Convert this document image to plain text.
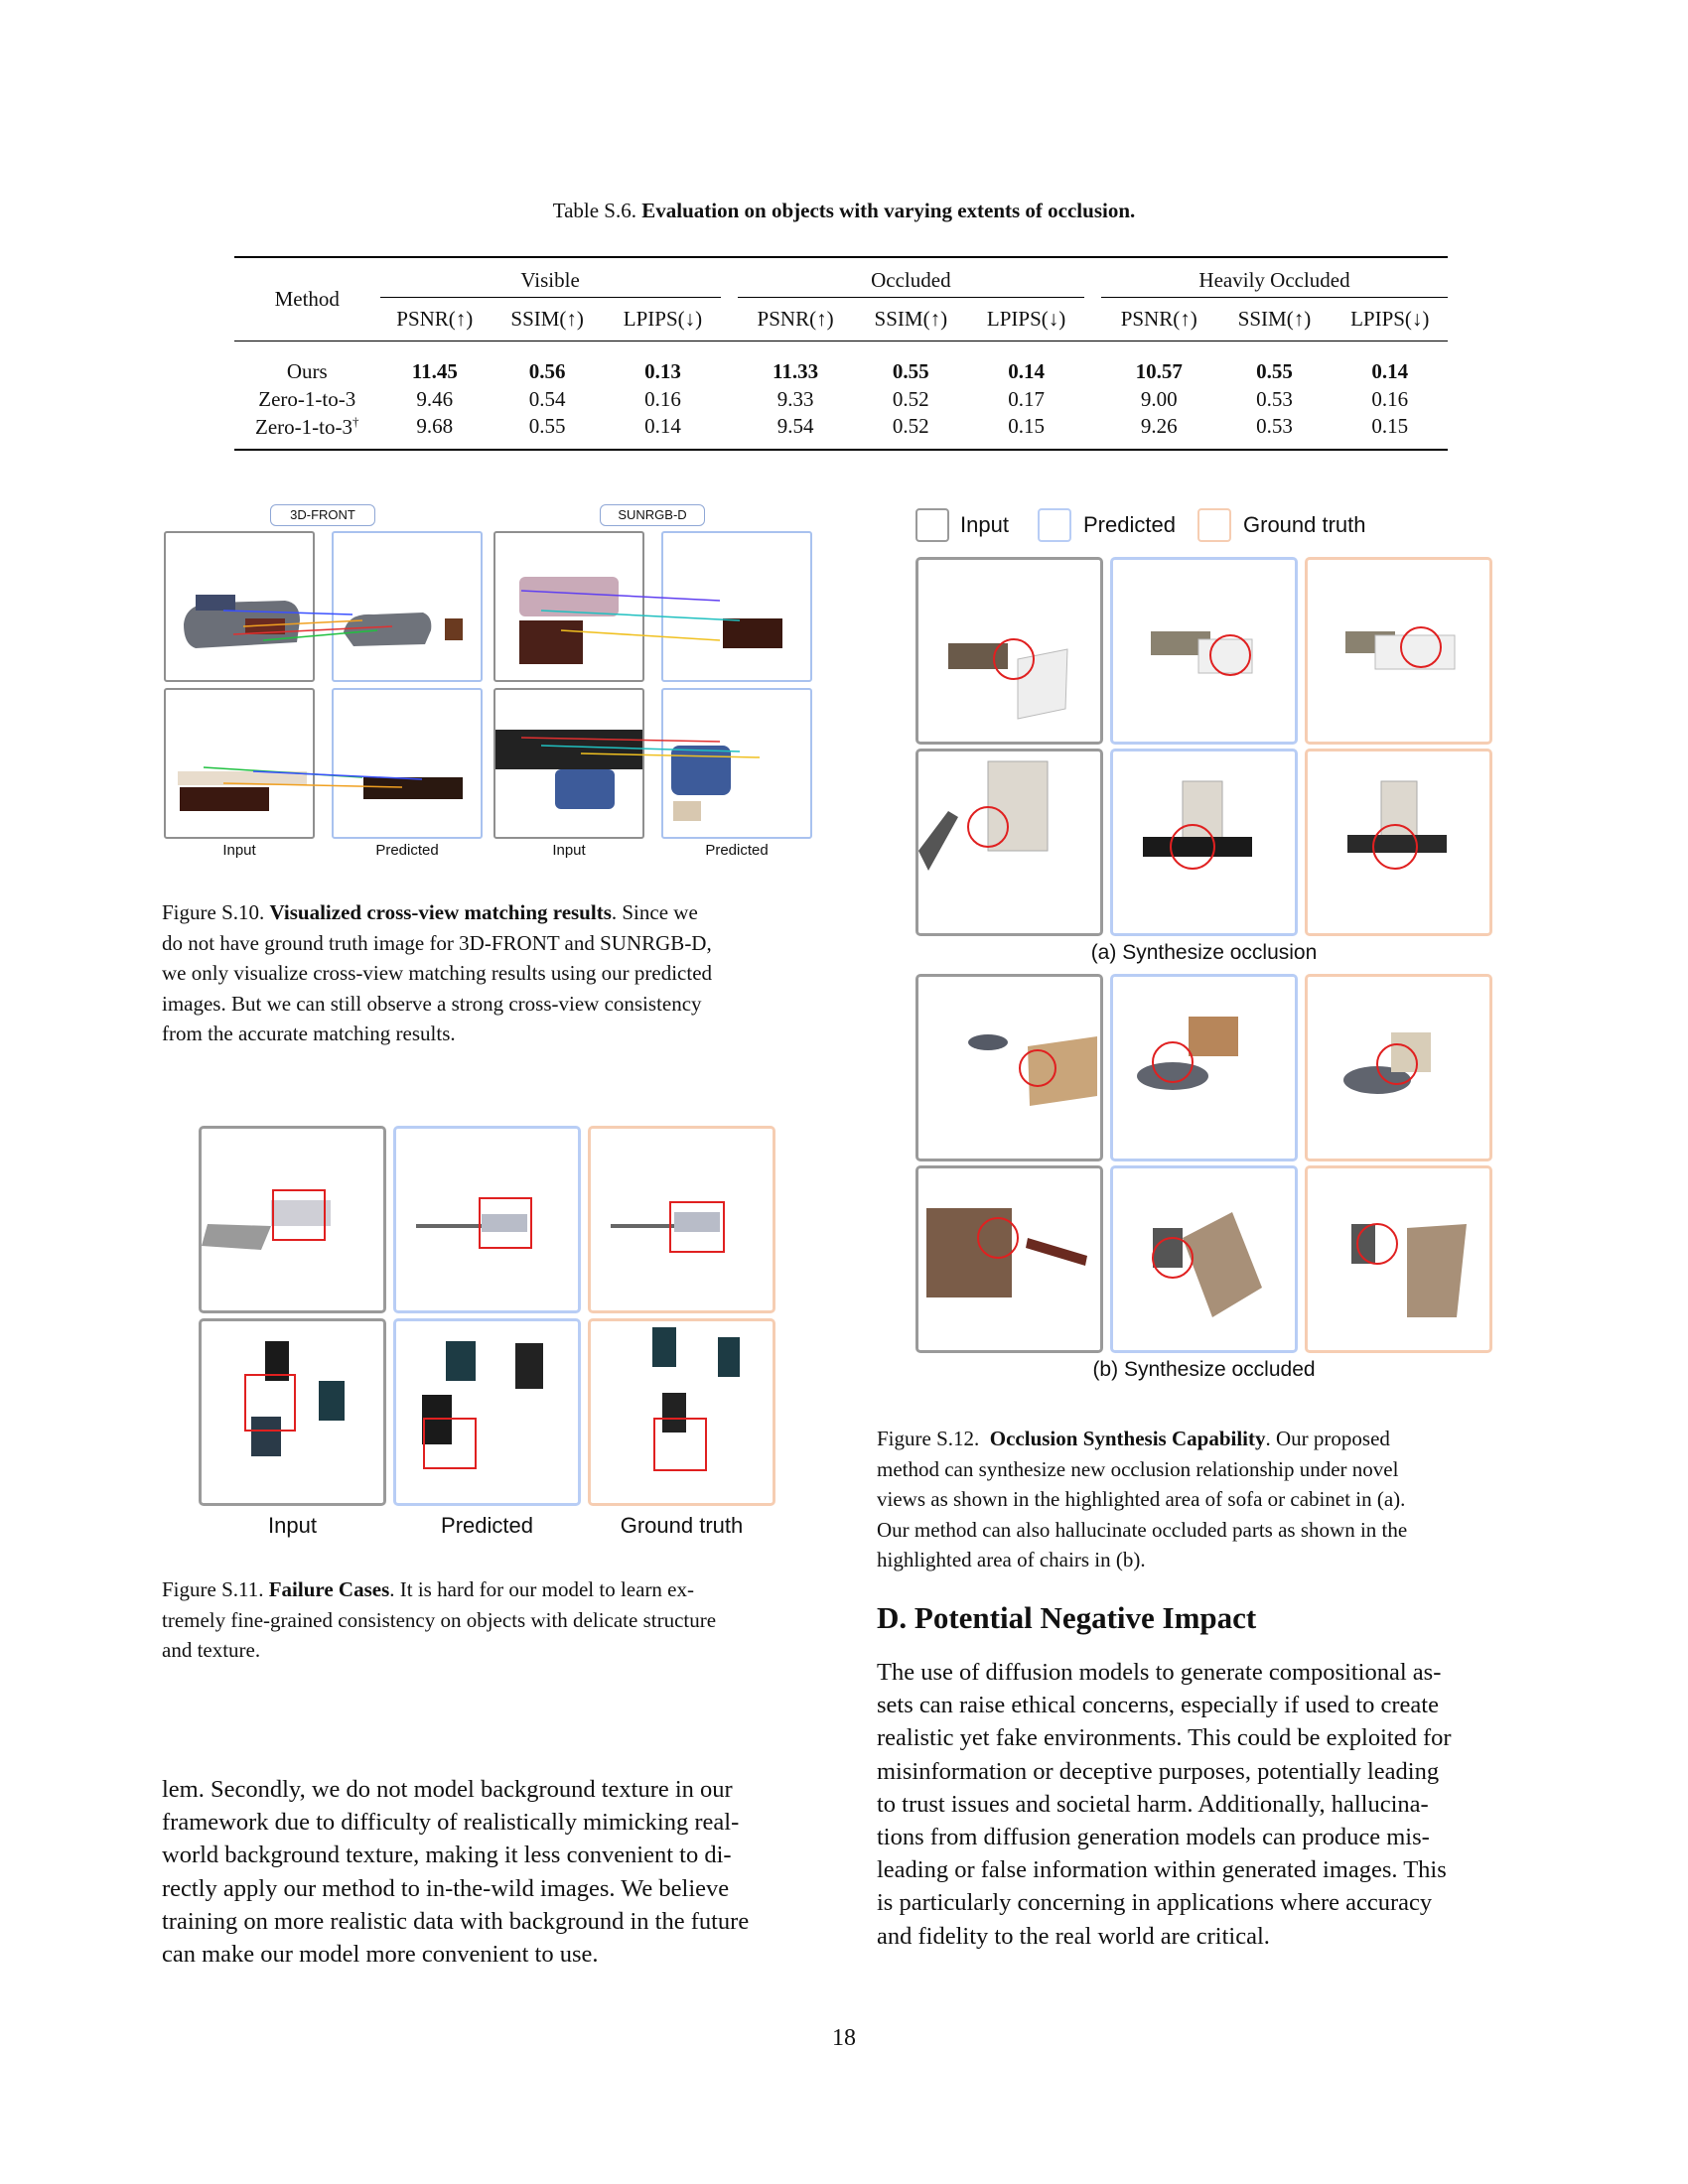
Table S.6. Evaluation on objects with varying extents of occlusion.
Method	Visible				Occluded				Heavily Occluded		
	PSNR(↑)	SSIM(↑)	LPIPS(↓)		PSNR(↑)	SSIM(↑)	LPIPS(↓)		PSNR(↑)	SSIM(↑)	LPIPS(↓)
Ours	11.45	0.56	0.13		11.33	0.55	0.14		10.57	0.55	0.14
Zero-1-to-3	9.46	0.54	0.16		9.33	0.52	0.17		9.00	0.53	0.16
Zero-1-to-3†	9.68	0.55	0.14		9.54	0.52	0.15		9.26	0.53	0.15
3D-FRONT	SUNRGB-D
Input	Predicted	Input	Predicted
Figure S.10. Visualized cross-view matching results. Since we
do not have ground truth image for 3D-FRONT and SUNRGB-D,
we only visualize cross-view matching results using our predicted
images. But we can still observe a strong cross-view consistency
from the accurate matching results.
Input	Predicted	Ground truth
Figure S.11. Failure Cases. It is hard for our model to learn ex-
tremely fine-grained consistency on objects with delicate structure
and texture.
lem. Secondly, we do not model background texture in our
framework due to difficulty of realistically mimicking real-
world background texture, making it less convenient to di-
rectly apply our method to in-the-wild images. We believe
training on more realistic data with background in the future
can make our model more convenient to use.
Input	Predicted	Ground truth
(a) Synthesize occlusion
(b) Synthesize occluded
Figure S.12. Occlusion Synthesis Capability. Our proposed
method can synthesize new occlusion relationship under novel
views as shown in the highlighted area of sofa or cabinet in (a).
Our method can also hallucinate occluded parts as shown in the
highlighted area of chairs in (b).
D. Potential Negative Impact
The use of diffusion models to generate compositional as-
sets can raise ethical concerns, especially if used to create
realistic yet fake environments. This could be exploited for
misinformation or deceptive purposes, potentially leading
to trust issues and societal harm. Additionally, hallucina-
tions from diffusion generation models can produce mis-
leading or false information within generated images. This
is particularly concerning in applications where accuracy
and fidelity to the real world are critical.
18
